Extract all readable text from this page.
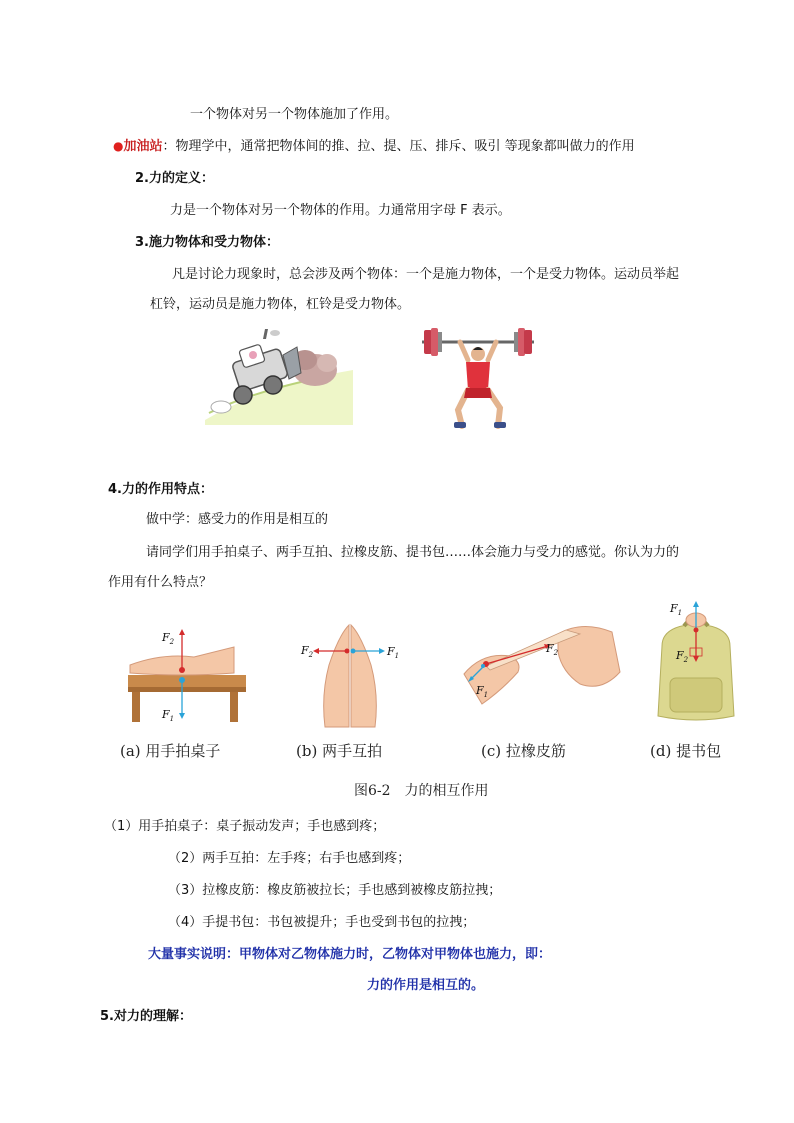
一个物体对另一个物体施加了作用。
●加油站：物理学中，通常把物体间的推、拉、提、压、排斥、吸引 等现象都叫做力的作用
2.力的定义：
力是一个物体对另一个物体的作用。力通常用字母 F 表示。
3.施力物体和受力物体：
凡是讨论力现象时，总会涉及两个物体：一个是施力物体，一个是受力物体。运动员举起
杠铃，运动员是施力物体，杠铃是受力物体。
4.力的作用特点：
做中学：感受力的作用是相互的
请同学们用手拍桌子、两手互拍、拉橡皮筋、提书包……体会施力与受力的感觉。你认为力的
作用有什么特点？
$F_2$
$F_1$
$F_2$	$F_1$
$F_2$
$F_1$
$F_1$
$F_2$
(a) 用手拍桌子	(b) 两手互拍	(c) 拉橡皮筋	(d) 提书包
图6-2　力的相互作用
（1）用手拍桌子：桌子振动发声；手也感到疼；
（2）两手互拍：左手疼；右手也感到疼；
（3）拉橡皮筋：橡皮筋被拉长；手也感到被橡皮筋拉拽；
（4）手提书包：书包被提升；手也受到书包的拉拽；
大量事实说明：甲物体对乙物体施力时，乙物体对甲物体也施力，即：
力的作用是相互的。
5.对力的理解：
